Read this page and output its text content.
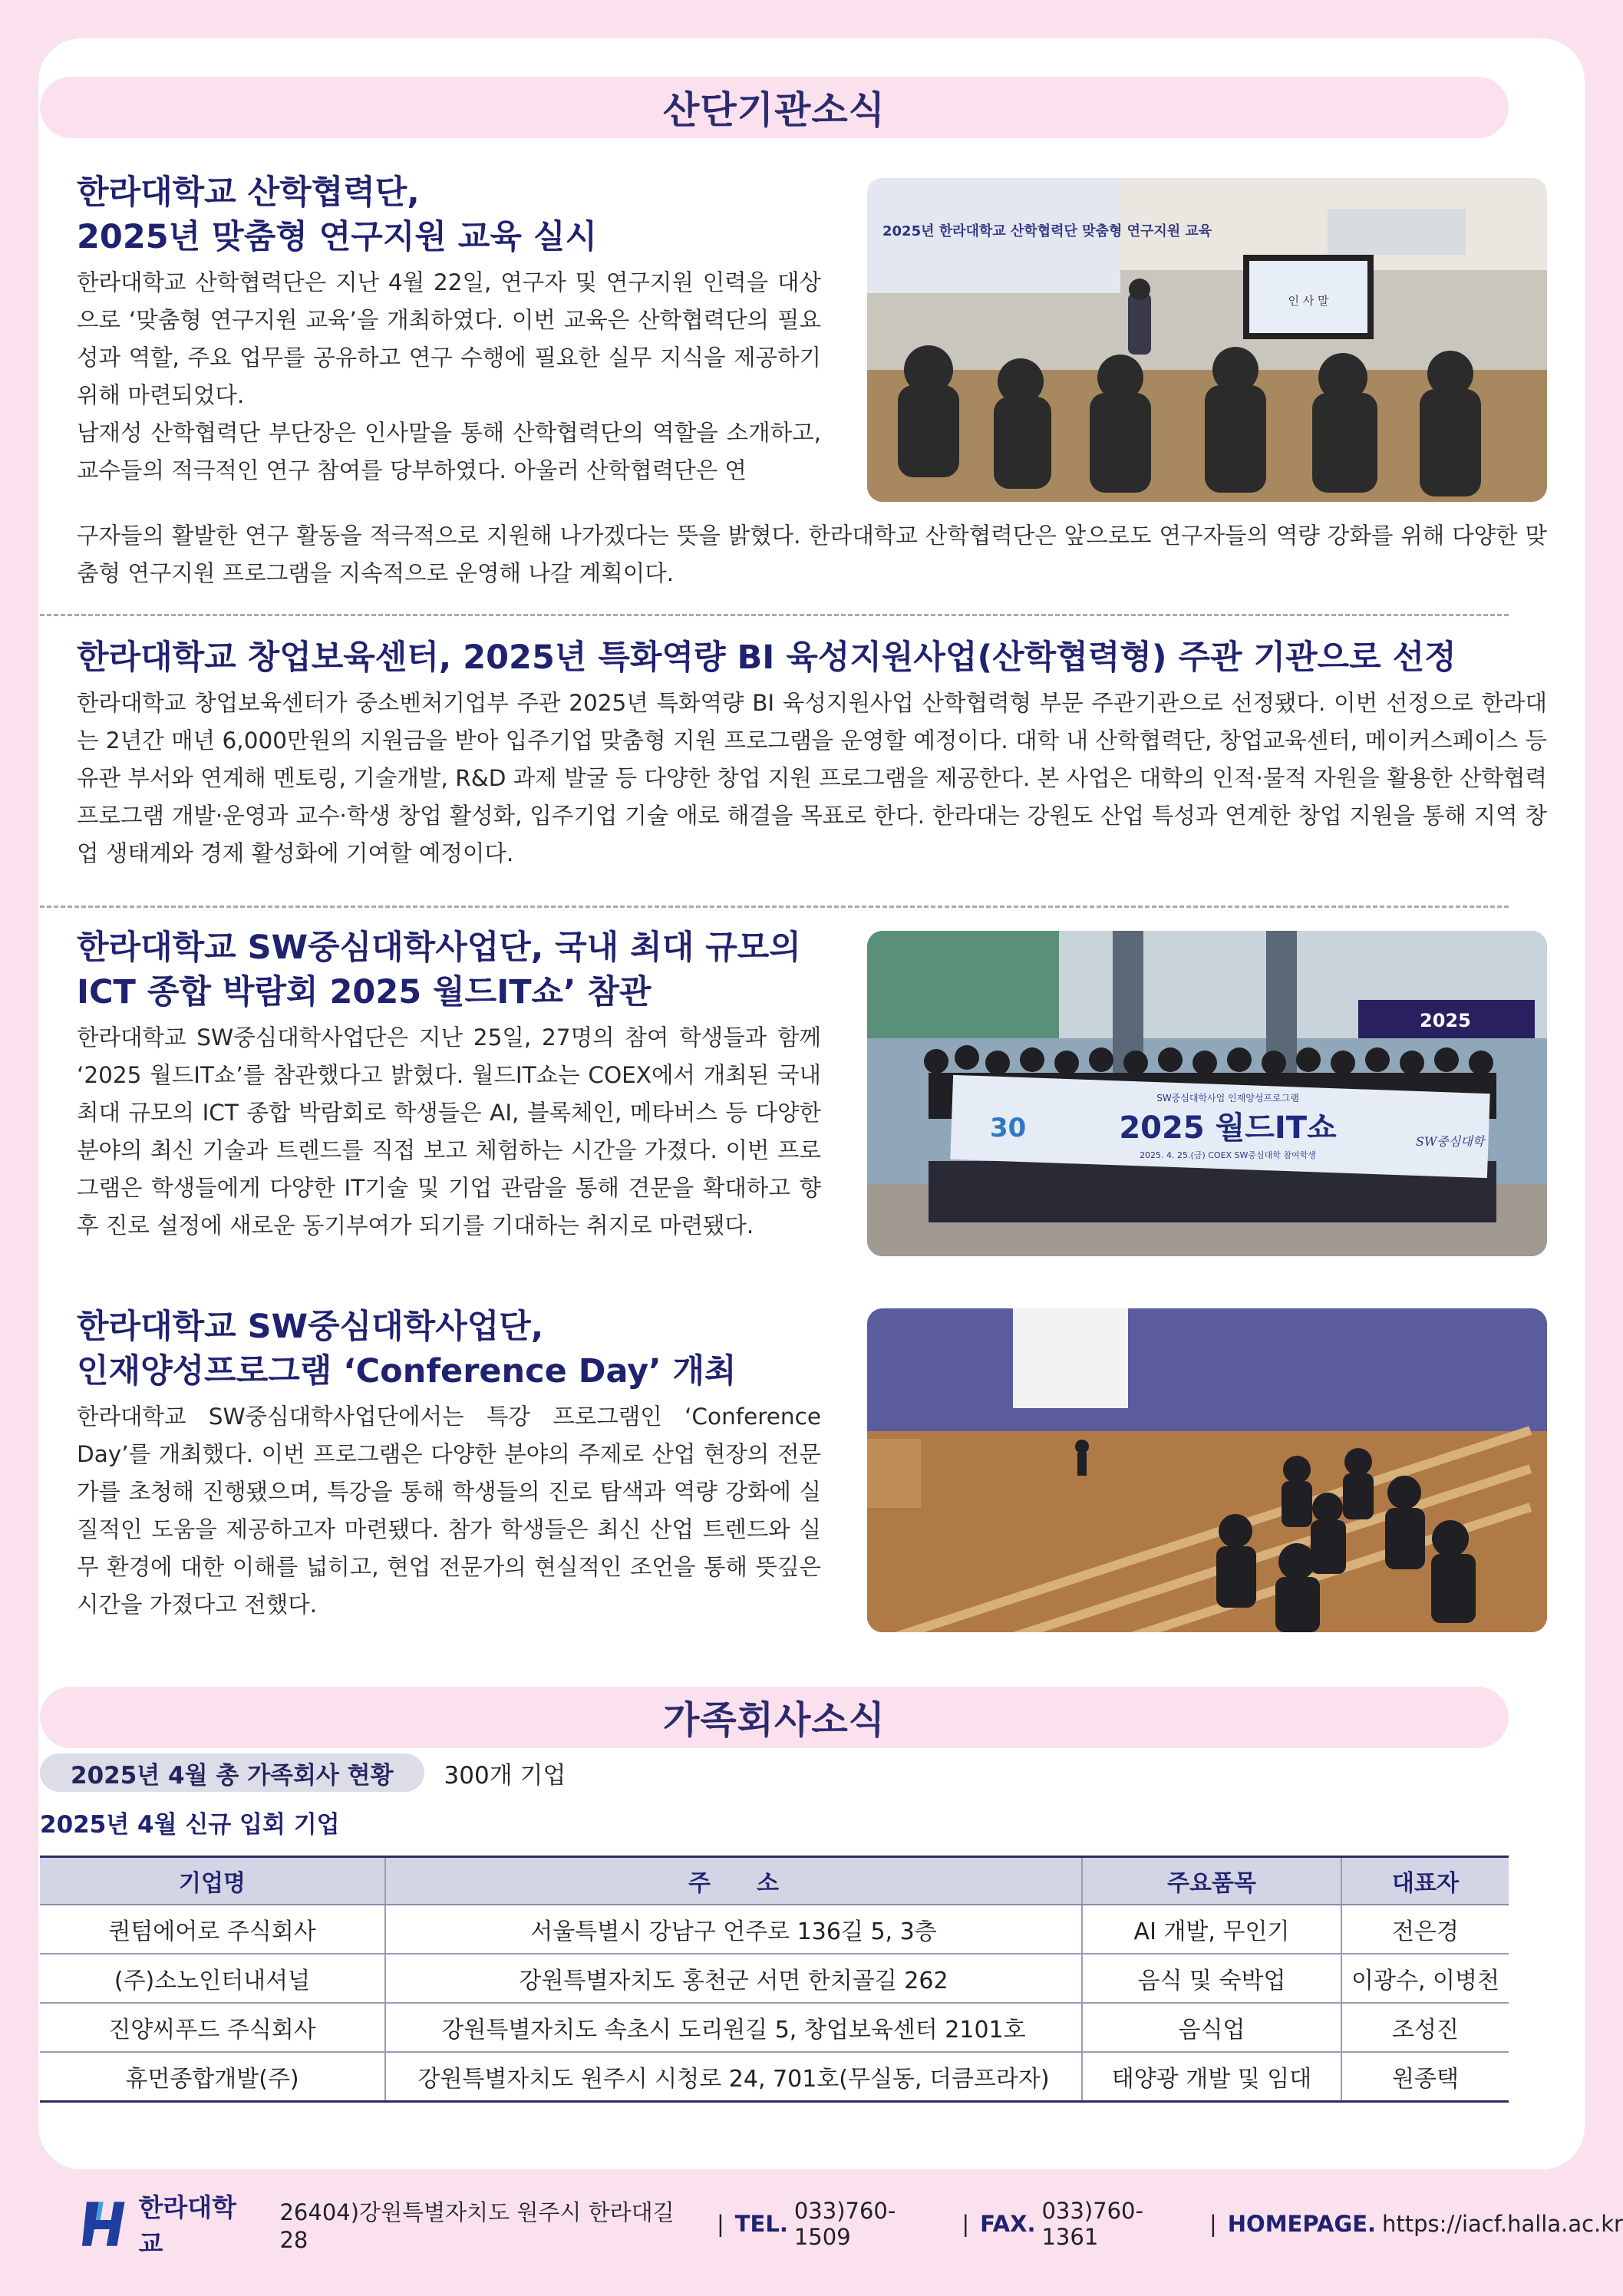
산단기관소식
한라대학교 산학협력단,
2025년 맞춤형 연구지원 교육 실시

한라대학교 산학협력단은 지난 4월 22일, 연구자 및 연구지원 인력을 대상으로 ‘맞춤형 연구지원 교육’을 개최하였다. 이번 교육은 산학협력단의 필요성과 역할, 주요 업무를 공유하고 연구 수행에 필요한 실무 지식을 제공하기 위해 마련되었다.

남재성 산학협력단 부단장은 인사말을 통해 산학협력단의 역할을 소개하고, 교수들의 적극적인 연구 참여를 당부하였다. 아울러 산학협력단은 연

구자들의 활발한 연구 활동을 적극적으로 지원해 나가겠다는 뜻을 밝혔다. 한라대학교 산학협력단은 앞으로도 연구자들의 역량 강화를 위해 다양한 맞춤형 연구지원 프로그램을 지속적으로 운영해 나갈 계획이다.

2025년 한라대학교 산학협력단 맞춤형 연구지원 교육
인 사 말
한라대학교 창업보육센터, 2025년 특화역량 BI 육성지원사업(산학협력형) 주관 기관으로 선정

한라대학교 창업보육센터가 중소벤처기업부 주관 2025년 특화역량 BI 육성지원사업 산학협력형 부문 주관기관으로 선정됐다. 이번 선정으로 한라대는 2년간 매년 6,000만원의 지원금을 받아 입주기업 맞춤형 지원 프로그램을 운영할 예정이다. 대학 내 산학협력단, 창업교육센터, 메이커스페이스 등 유관 부서와 연계해 멘토링, 기술개발, R&D 과제 발굴 등 다양한 창업 지원 프로그램을 제공한다. 본 사업은 대학의 인적·물적 자원을 활용한 산학협력 프로그램 개발·운영과 교수·학생 창업 활성화, 입주기업 기술 애로 해결을 목표로 한다. 한라대는 강원도 산업 특성과 연계한 창업 지원을 통해 지역 창업 생태계와 경제 활성화에 기여할 예정이다.

한라대학교 SW중심대학사업단, 국내 최대 규모의
ICT 종합 박람회 2025 월드IT쇼’ 참관

한라대학교 SW중심대학사업단은 지난 25일, 27명의 참여 학생들과 함께 ‘2025 월드IT쇼’를 참관했다고 밝혔다. 월드IT쇼는 COEX에서 개최된 국내 최대 규모의 ICT 종합 박람회로 학생들은 AI, 블록체인, 메타버스 등 다양한 분야의 최신 기술과 트렌드를 직접 보고 체험하는 시간을 가졌다. 이번 프로그램은 학생들에게 다양한 IT기술 및 기업 관람을 통해 견문을 확대하고 향후 진로 설정에 새로운 동기부여가 되기를 기대하는 취지로 마련됐다.

2025
SW중심대학사업 인재양성프로그램
2025 월드IT쇼
2025. 4. 25.(금) COEX SW중심대학 참여학생
30	SW중심대학
한라대학교 SW중심대학사업단,
인재양성프로그램 ‘Conference Day’ 개최

한라대학교 SW중심대학사업단에서는 특강 프로그램인 ‘Conference Day’를 개최했다. 이번 프로그램은 다양한 분야의 주제로 산업 현장의 전문가를 초청해 진행됐으며, 특강을 통해 학생들의 진로 탐색과 역량 강화에 실질적인 도움을 제공하고자 마련됐다. 참가 학생들은 최신 산업 트렌드와 실무 환경에 대한 이해를 넓히고, 현업 전문가의 현실적인 조언을 통해 뜻깊은 시간을 가졌다고 전했다.

가족회사소식
2025년 4월 총 가족회사 현황	300개 기업
2025년 4월 신규 입회 기업
기업명	주　　소	주요품목	대표자
퀀텀에어로 주식회사	서울특별시 강남구 언주로 136길 5, 3층	AI 개발, 무인기	전은경
(주)소노인터내셔널	강원특별자치도 홍천군 서면 한치골길 262	음식 및 숙박업	이광수, 이병천
진양씨푸드 주식회사	강원특별자치도 속초시 도리원길 5, 창업보육센터 2101호	음식업	조성진
휴먼종합개발(주)	강원특별자치도 원주시 시청로 24, 701호(무실동, 더큼프라자)	태양광 개발 및 임대	원종택
한라대학교
26404)강원특별자치도 원주시 한라대길 28
| TEL. 033)760-1509	| FAX. 033)760-1361	| HOMEPAGE. https://iacf.halla.ac.kr
